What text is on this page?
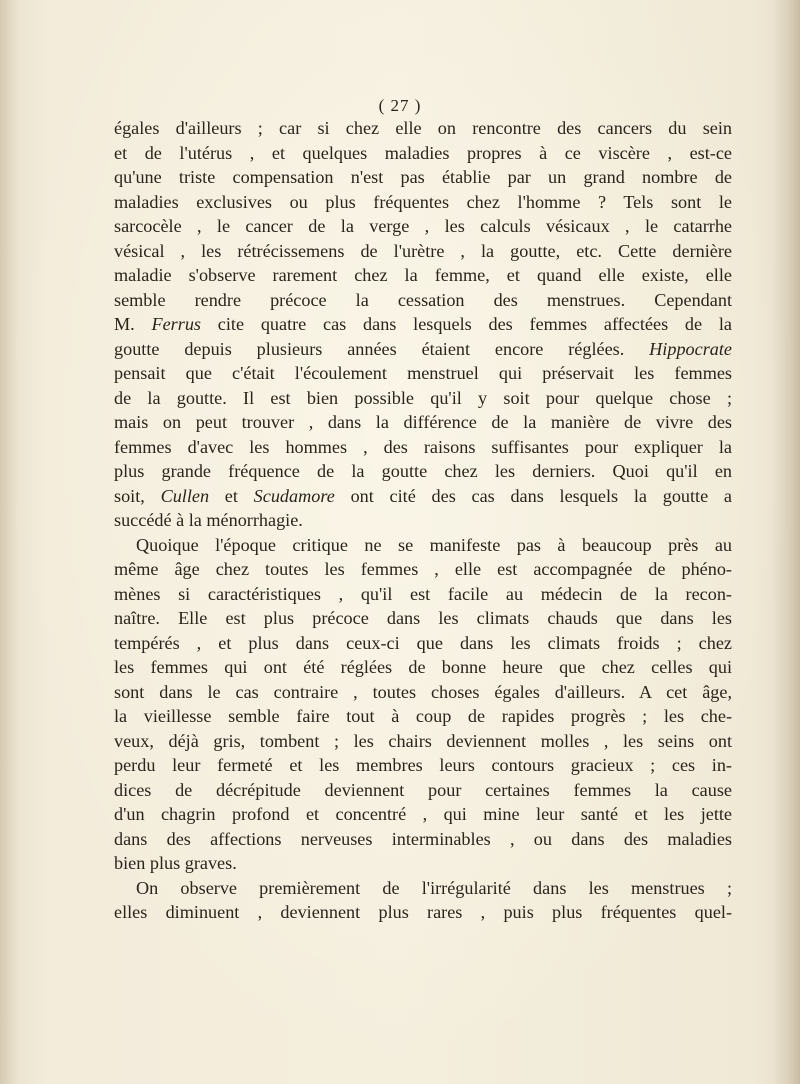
( 27 )
égales d'ailleurs ; car si chez elle on rencontre des cancers du sein
et de l'utérus , et quelques maladies propres à ce viscère , est-ce
qu'une triste compensation n'est pas établie par un grand nombre de
maladies exclusives ou plus fréquentes chez l'homme ? Tels sont le
sarcocèle , le cancer de la verge , les calculs vésicaux , le catarrhe
vésical , les rétrécissemens de l'urètre , la goutte, etc. Cette dernière
maladie s'observe rarement chez la femme, et quand elle existe, elle
semble rendre précoce la cessation des menstrues. Cependant
M. Ferrus cite quatre cas dans lesquels des femmes affectées de la
goutte depuis plusieurs années étaient encore réglées. Hippocrate
pensait que c'était l'écoulement menstruel qui préservait les femmes
de la goutte. Il est bien possible qu'il y soit pour quelque chose ;
mais on peut trouver , dans la différence de la manière de vivre des
femmes d'avec les hommes , des raisons suffisantes pour expliquer la
plus grande fréquence de la goutte chez les derniers. Quoi qu'il en
soit, Cullen et Scudamore ont cité des cas dans lesquels la goutte a
succédé à la ménorrhagie.
Quoique l'époque critique ne se manifeste pas à beaucoup près au
même âge chez toutes les femmes , elle est accompagnée de phéno-
mènes si caractéristiques , qu'il est facile au médecin de la recon-
naître. Elle est plus précoce dans les climats chauds que dans les
tempérés , et plus dans ceux-ci que dans les climats froids ; chez
les femmes qui ont été réglées de bonne heure que chez celles qui
sont dans le cas contraire , toutes choses égales d'ailleurs. A cet âge,
la vieillesse semble faire tout à coup de rapides progrès ; les che-
veux, déjà gris, tombent ; les chairs deviennent molles , les seins ont
perdu leur fermeté et les membres leurs contours gracieux ; ces in-
dices de décrépitude deviennent pour certaines femmes la cause
d'un chagrin profond et concentré , qui mine leur santé et les jette
dans des affections nerveuses interminables , ou dans des maladies
bien plus graves.
On observe premièrement de l'irrégularité dans les menstrues ;
elles diminuent , deviennent plus rares , puis plus fréquentes quel-
